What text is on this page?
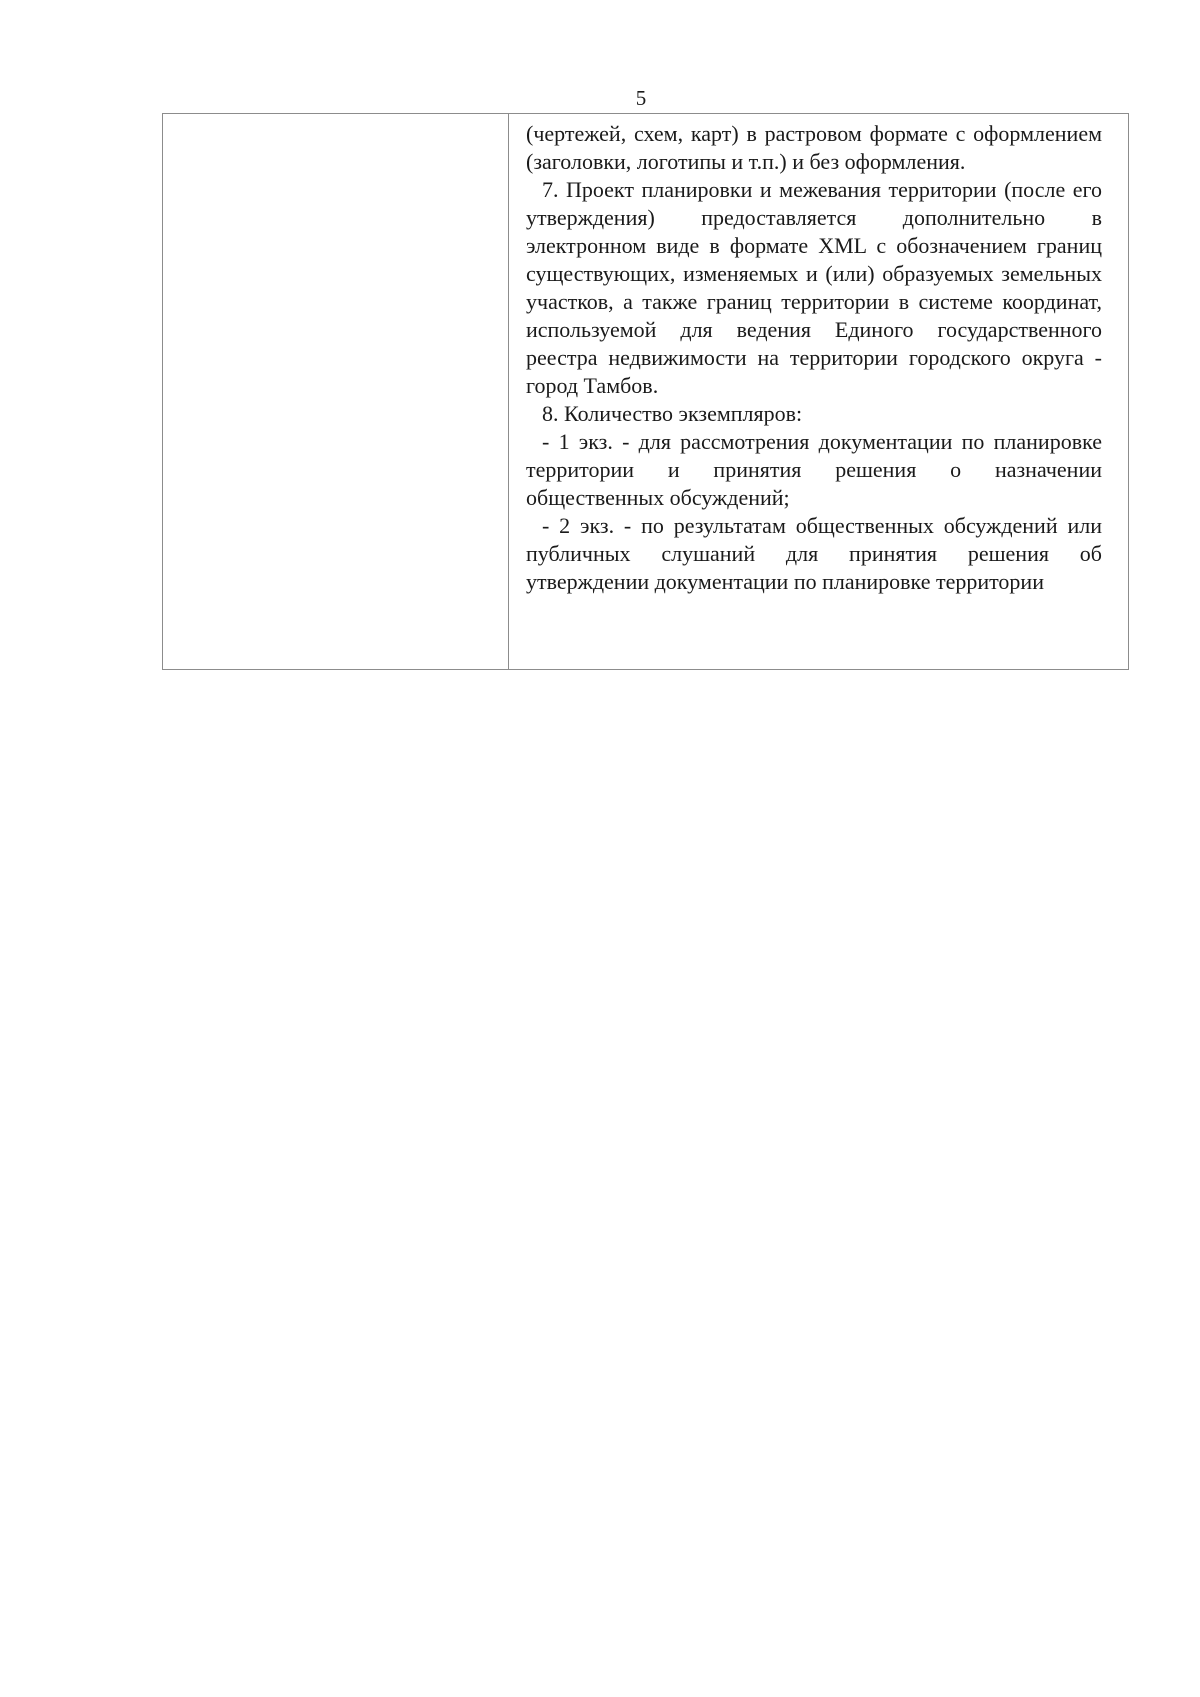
5

(чертежей, схем, карт) в растровом формате с оформлением (заголовки, логотипы и т.п.) и без оформления.

7. Проект планировки и межевания территории (после его утверждения) предоставляется дополнительно в электронном виде в формате XML с обозначением границ существующих, изменяемых и (или) образуемых земельных участков, а также границ территории в системе координат, используемой для ведения Единого государственного реестра недвижимости на территории городского округа - город Тамбов.

8. Количество экземпляров:

- 1 экз. - для рассмотрения документации по планировке территории и принятия решения о назначении общественных обсуждений;

- 2 экз. - по результатам общественных обсуждений или публичных слушаний для принятия решения об утверждении документации по планировке территории
